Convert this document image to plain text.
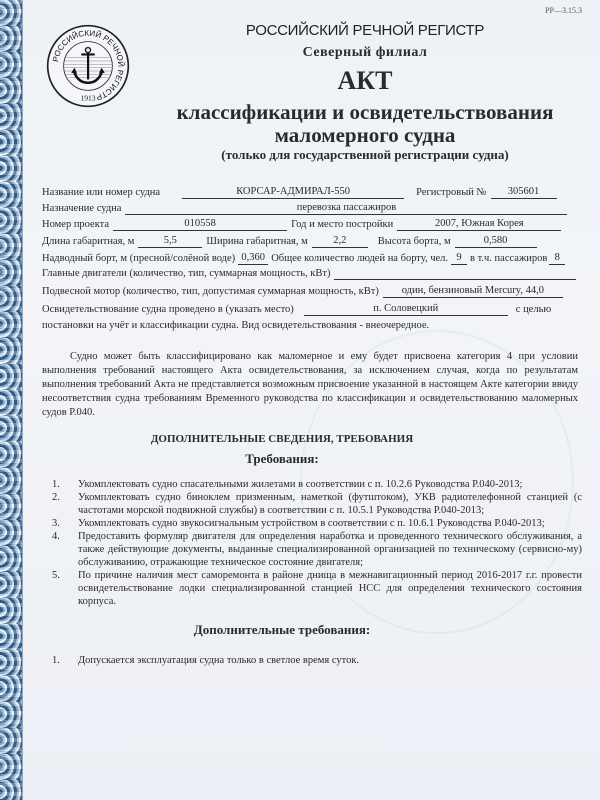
РР—3.15.3
РОССИЙСКИЙ РЕЧНОЙ РЕГИСТР
1913
РОССИЙСКИЙ РЕЧНОЙ РЕГИСТР
Северный филиал
АКТ
классификации и освидетельствования
маломерного судна
(только для государственной регистрации судна)
Название или номер судна	КОРСАР-АДМИРАЛ-550	Регистровый №	305601
Назначение судна	перевозка пассажиров
Номер проекта	010558	Год и место постройки	2007, Южная Корея
Длина габаритная, м	5,5	Ширина габаритная, м	2,2	Высота борта, м	0,580
Надводный борт, м (пресной/солёной воде) 0,360 Общее количество людей на борту, чел. 9 в т.ч. пассажиров 8
Главные двигатели (количество, тип, суммарная мощность, кВт)
Подвесной мотор (количество, тип, допустимая суммарная мощность, кВт)	один, бензиновый Mercury, 44,0
Освидетельствование судна проведено в (указать место)	п. Соловецкий	с целью
постановки на учёт и классификации судна. Вид освидетельствования - внеочередное.
Судно может быть классифицировано как маломерное и ему будет присвоена категория 4 при условии выполнения требований настоящего Акта освидетельствования, за исключением случая, когда по результатам выполнения требований Акта не представляется возможным присвоение указанной в настоящем Акте категории ввиду несоответствия судна требованиям Временного руководства по классификации и освидетельствованию маломерных судов Р.040.
ДОПОЛНИТЕЛЬНЫЕ СВЕДЕНИЯ, ТРЕБОВАНИЯ
Требования:
1.	Укомплектовать судно спасательными жилетами в соответствии с п. 10.2.6 Руководства Р.040-2013;
2.	Укомплектовать судно биноклем призменным, наметкой (футштоком), УКВ радиотелефонной станцией (с частотами морской подвижной службы) в соответствии с п. 10.5.1 Руководства Р.040-2013;
3.	Укомплектовать судно звукосигнальным устройством в соответствии с п. 10.6.1 Руководства Р.040-2013;
4.	Предоставить формуляр двигателя для определения наработка и проведенного технического обслуживания, а также действующие документы, выданные специализированной организацией по техническому (сервисно-му) обслуживанию, отражающие техническое состояние двигателя;
5.	По причине наличия мест саморемонта в районе днища в межнавигационный период 2016-2017 г.г. провести освидетельствование лодки специализированной станцией НСС для определения технического состояния корпуса.
Дополнительные требования:
1.	Допускается эксплуатация судна только в светлое время суток.
